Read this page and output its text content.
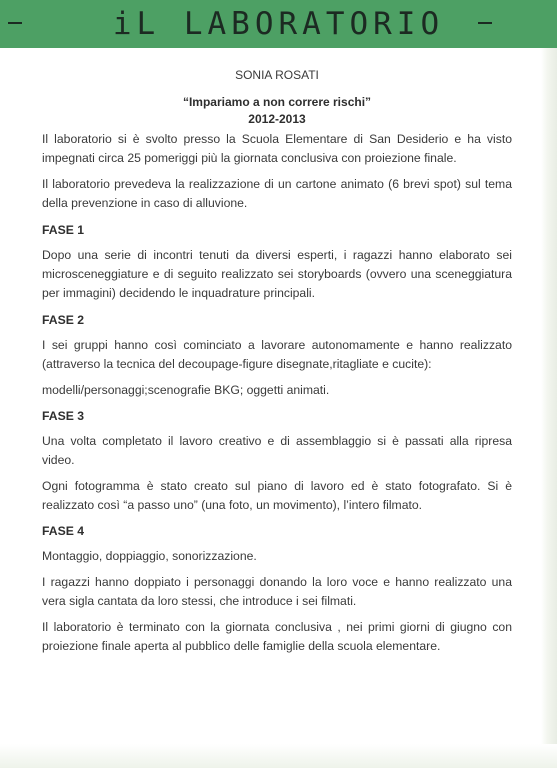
iL LABORATORIO
SONIA ROSATI
“Impariamo a non correre rischi”
2012-2013

Il laboratorio si è svolto presso la Scuola Elementare di San Desiderio e ha visto impegnati circa 25 pomeriggi più la giornata conclusiva con proiezione finale.

Il laboratorio prevedeva la realizzazione di un cartone animato (6 brevi spot) sul tema della prevenzione in caso di alluvione.

FASE 1

Dopo una serie di incontri tenuti da diversi esperti, i ragazzi hanno elaborato sei microsceneggiature e di seguito realizzato sei storyboards (ovvero una sceneggiatura per immagini) decidendo le inquadrature principali.

FASE 2

I sei gruppi hanno così cominciato a lavorare autonomamente e hanno realizzato (attraverso la tecnica del decoupage-figure disegnate,ritagliate e cucite):

modelli/personaggi;scenografie BKG; oggetti animati.

FASE 3

Una volta completato il lavoro creativo e di assemblaggio si è passati alla ripresa video.

Ogni fotogramma è stato creato sul piano di lavoro ed è stato fotografato. Si è realizzato così “a passo uno” (una foto, un movimento), l’intero filmato.

FASE 4

Montaggio, doppiaggio, sonorizzazione.

I ragazzi hanno doppiato i personaggi donando la loro voce e hanno realizzato una vera sigla cantata da loro stessi, che introduce i sei filmati.

Il laboratorio è terminato con la giornata conclusiva , nei primi giorni di giugno con proiezione finale aperta al pubblico delle famiglie della scuola elementare.
